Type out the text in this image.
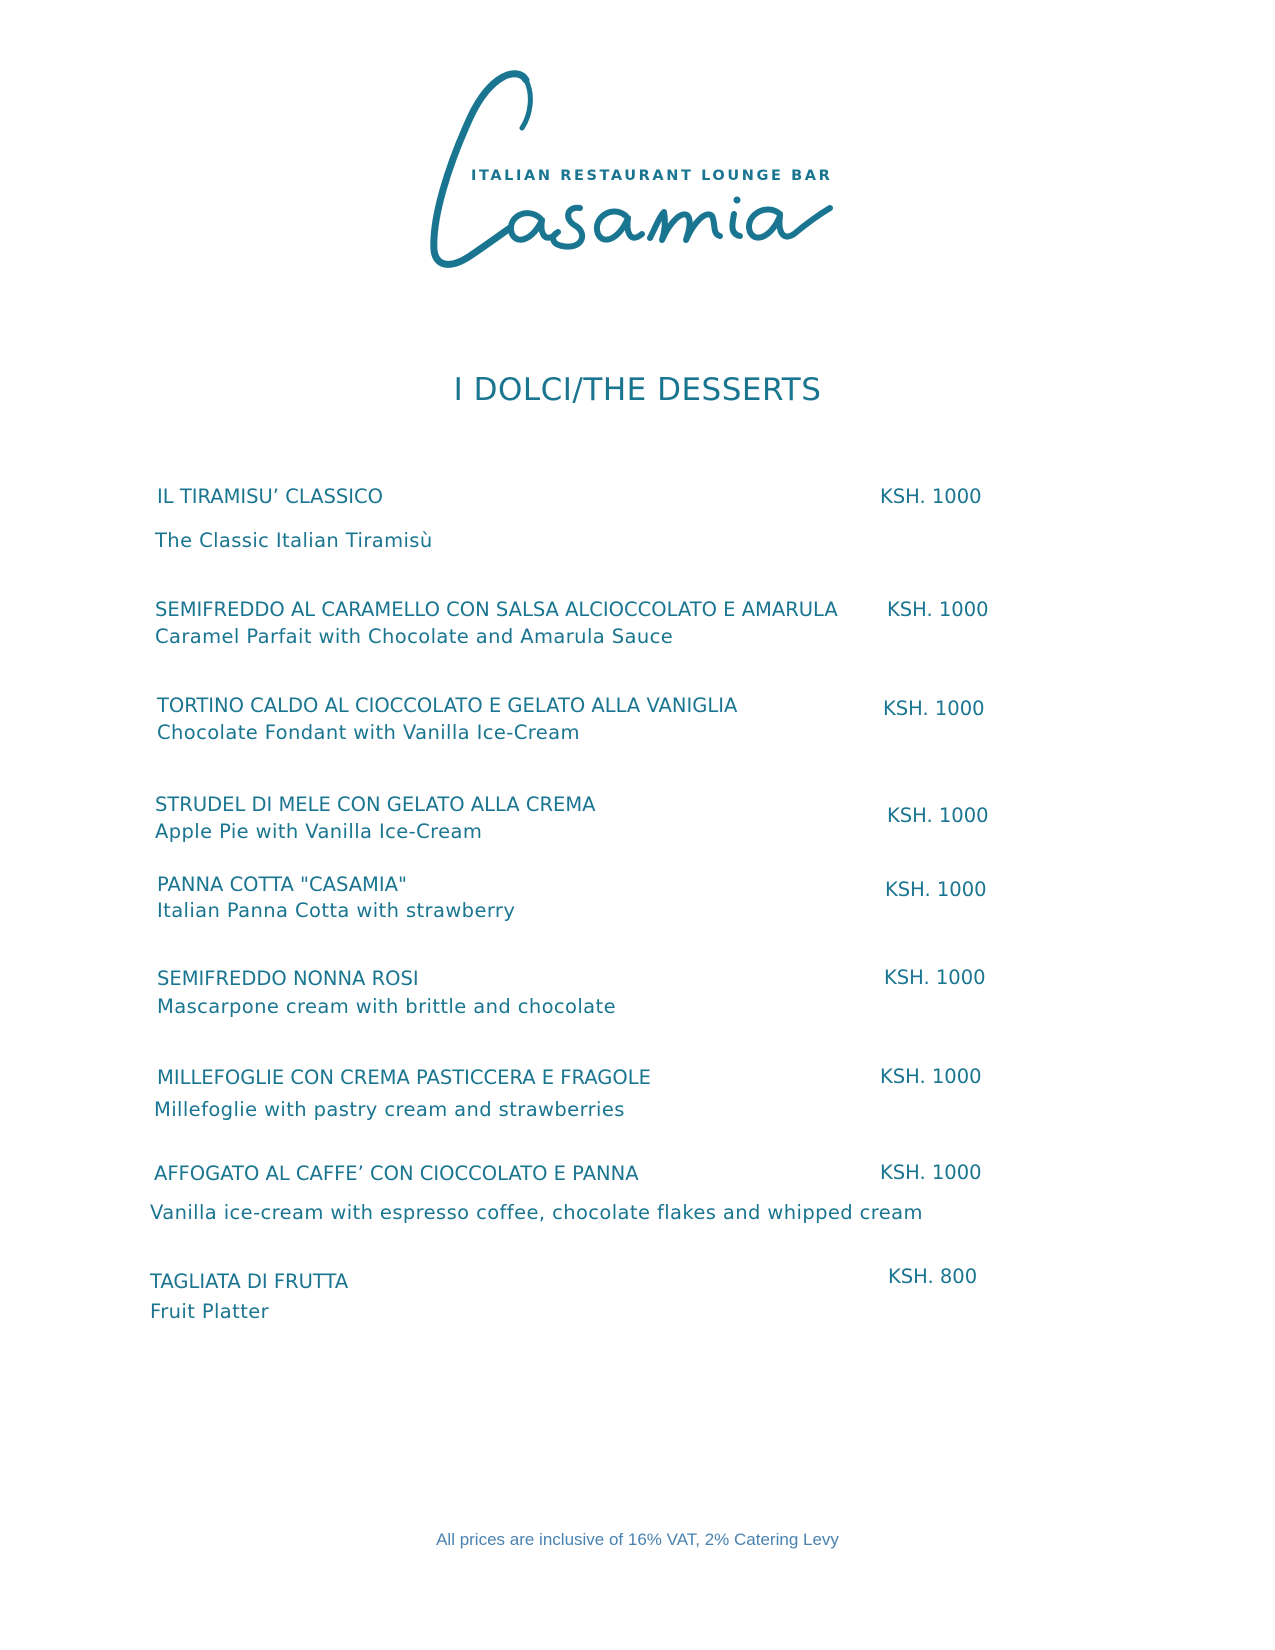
ITALIAN RESTAURANT LOUNGE BAR
I DOLCI/THE DESSERTS
IL TIRAMISU’ CLASSICO	KSH. 1000
The Classic Italian Tiramisù
SEMIFREDDO AL CARAMELLO CON SALSA ALCIOCCOLATO E AMARULA	KSH. 1000
Caramel Parfait with Chocolate and Amarula Sauce
TORTINO CALDO AL CIOCCOLATO E GELATO ALLA VANIGLIA	KSH. 1000
Chocolate Fondant with Vanilla Ice-Cream
STRUDEL DI MELE CON GELATO ALLA CREMA	KSH. 1000
Apple Pie with Vanilla Ice-Cream
PANNA COTTA "CASAMIA"	KSH. 1000
Italian Panna Cotta with strawberry
SEMIFREDDO NONNA ROSI	KSH. 1000
Mascarpone cream with brittle and chocolate
MILLEFOGLIE CON CREMA PASTICCERA E FRAGOLE	KSH. 1000
Millefoglie with pastry cream and strawberries
AFFOGATO AL CAFFE’ CON CIOCCOLATO E PANNA	KSH. 1000
Vanilla ice-cream with espresso coffee, chocolate flakes and whipped cream
TAGLIATA DI FRUTTA	KSH. 800
Fruit Platter
All prices are inclusive of 16% VAT, 2% Catering Levy
